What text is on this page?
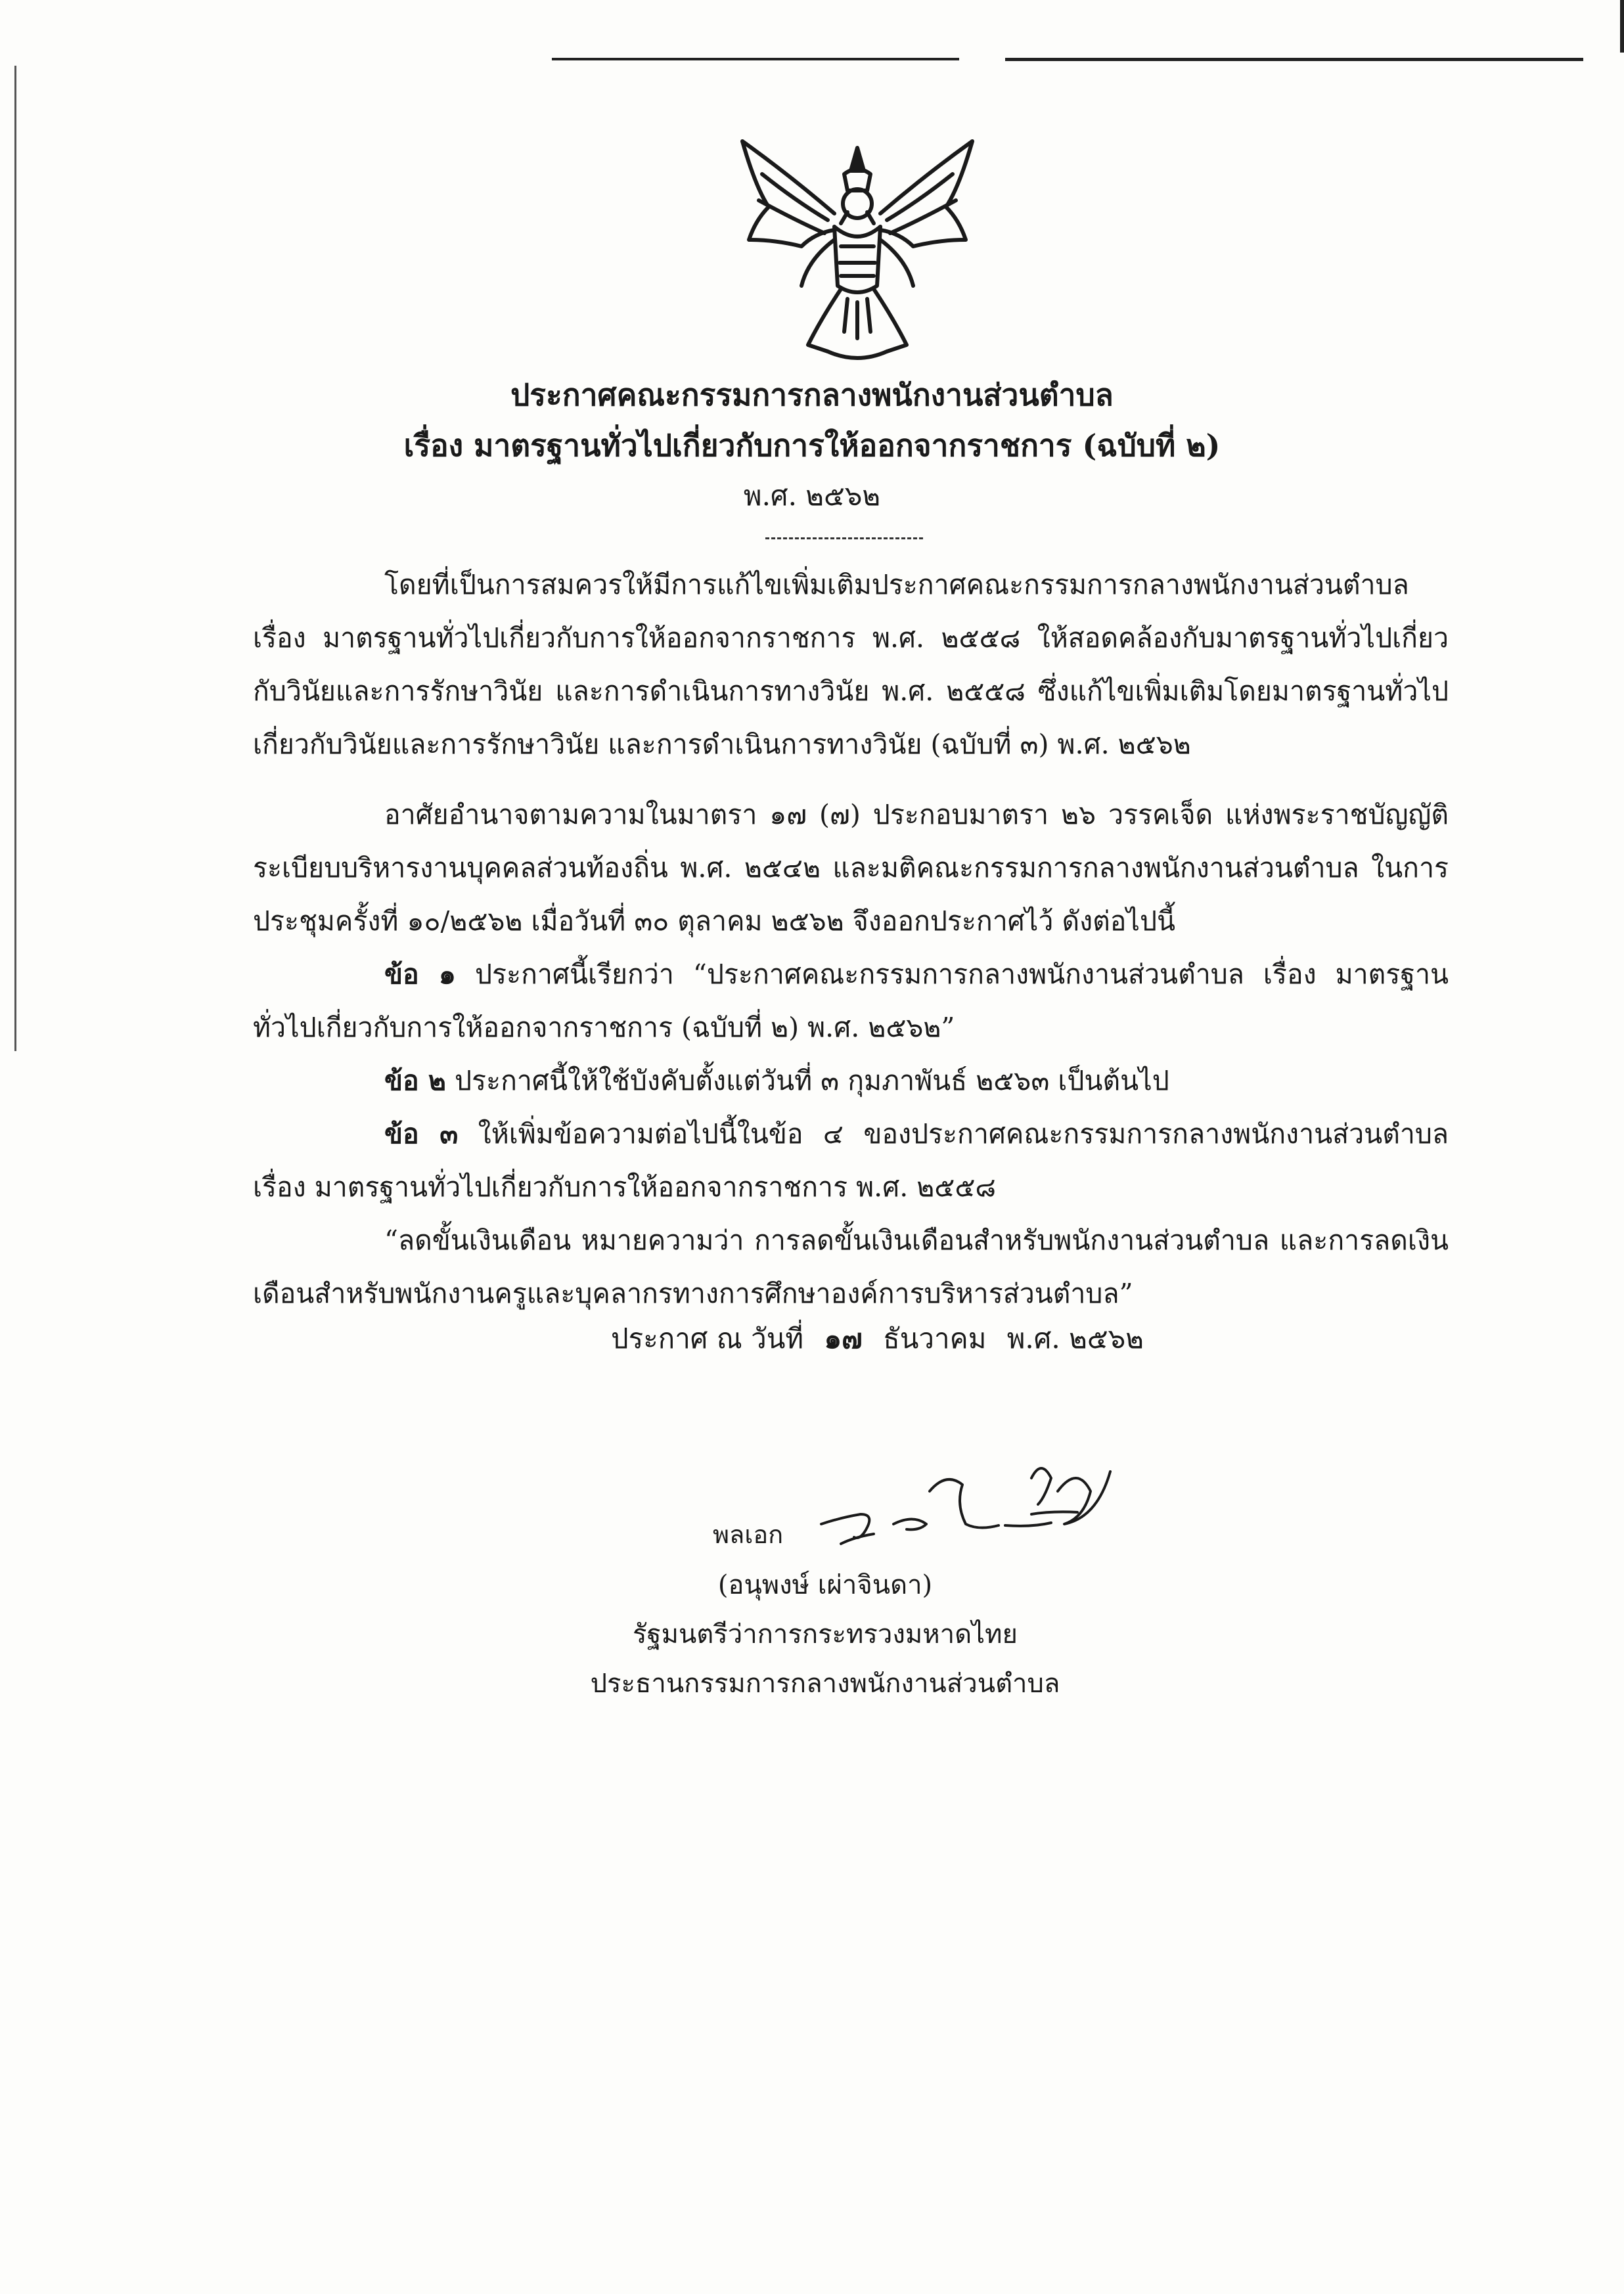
ประกาศคณะกรรมการกลางพนักงานส่วนตำบล
เรื่อง มาตรฐานทั่วไปเกี่ยวกับการให้ออกจากราชการ (ฉบับที่ ๒)
พ.ศ. ๒๕๖๒

โดยที่เป็นการสมควรให้มีการแก้ไขเพิ่มเติมประกาศคณะกรรมการกลางพนักงานส่วนตำบล เรื่อง มาตรฐานทั่วไปเกี่ยวกับการให้ออกจากราชการ พ.ศ. ๒๕๕๘ ให้สอดคล้องกับมาตรฐานทั่วไปเกี่ยวกับวินัยและการรักษาวินัย และการดำเนินการทางวินัย พ.ศ. ๒๕๕๘ ซึ่งแก้ไขเพิ่มเติมโดยมาตรฐานทั่วไปเกี่ยวกับวินัยและการรักษาวินัย และการดำเนินการทางวินัย (ฉบับที่ ๓) พ.ศ. ๒๕๖๒

อาศัยอำนาจตามความในมาตรา ๑๗ (๗) ประกอบมาตรา ๒๖ วรรคเจ็ด แห่งพระราชบัญญัติระเบียบบริหารงานบุคคลส่วนท้องถิ่น พ.ศ. ๒๕๔๒ และมติคณะกรรมการกลางพนักงานส่วนตำบล ในการประชุมครั้งที่ ๑๐/๒๕๖๒ เมื่อวันที่ ๓๐ ตุลาคม ๒๕๖๒ จึงออกประกาศไว้ ดังต่อไปนี้

ข้อ ๑ ประกาศนี้เรียกว่า “ประกาศคณะกรรมการกลางพนักงานส่วนตำบล เรื่อง มาตรฐานทั่วไปเกี่ยวกับการให้ออกจากราชการ (ฉบับที่ ๒) พ.ศ. ๒๕๖๒”

ข้อ ๒ ประกาศนี้ให้ใช้บังคับตั้งแต่วันที่ ๓ กุมภาพันธ์ ๒๕๖๓ เป็นต้นไป

ข้อ ๓ ให้เพิ่มข้อความต่อไปนี้ในข้อ ๔ ของประกาศคณะกรรมการกลางพนักงานส่วนตำบล เรื่อง มาตรฐานทั่วไปเกี่ยวกับการให้ออกจากราชการ พ.ศ. ๒๕๕๘

“ลดขั้นเงินเดือน หมายความว่า การลดขั้นเงินเดือนสำหรับพนักงานส่วนตำบล และการลดเงินเดือนสำหรับพนักงานครูและบุคลากรทางการศึกษาองค์การบริหารส่วนตำบล”

ประกาศ ณ วันที่ ๑๗ ธันวาคม พ.ศ. ๒๕๖๒
พลเอก
(อนุพงษ์ เผ่าจินดา)
รัฐมนตรีว่าการกระทรวงมหาดไทย
ประธานกรรมการกลางพนักงานส่วนตำบล
